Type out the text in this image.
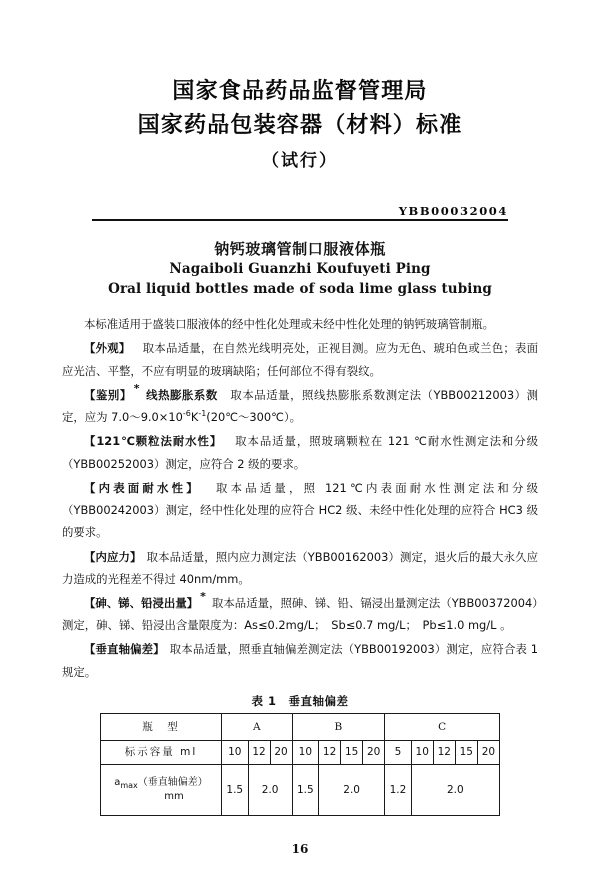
国家食品药品监督管理局
国家药品包装容器（材料）标准
（试行）
YBB00032004
钠钙玻璃管制口服液体瓶
Nagaiboli Guanzhi Koufuyeti Ping
Oral liquid bottles made of soda lime glass tubing

本标准适用于盛装口服液体的经中性化处理或未经中性化处理的钠钙玻璃管制瓶。

【外观】 取本品适量，在自然光线明亮处，正视目测。应为无色、琥珀色或兰色；表面应光洁、平整，不应有明显的玻璃缺陷；任何部位不得有裂纹。

【鉴别】 * 线热膨胀系数 取本品适量，照线热膨胀系数测定法（YBB00212003）测定，应为 $7.0\sim 9.0\times 10^{-6}K^{-1}(20℃\sim 300℃)$。

【121℃颗粒法耐水性】 取本品适量，照玻璃颗粒在 121 ℃耐水性测定法和分级（YBB00252003）测定，应符合 2 级的要求。

【内表面耐水性】 取本品适量，照 121℃内表面耐水性测定法和分级（YBB00242003）测定，经中性化处理的应符合 HC2 级、未经中性化处理的应符合 HC3 级的要求。

【内应力】 取本品适量，照内应力测定法（YBB00162003）测定，退火后的最大永久应力造成的光程差不得过 40nm/mm。

【砷、锑、铅浸出量】 * 取本品适量，照砷、锑、铅、镉浸出量测定法（YBB00372004）测定，砷、锑、铅浸出含量限度为：As≤0.2mg/L；　Sb≤0.7 mg/L；　Pb≤1.0 mg/L 。

【垂直轴偏差】 取本品适量，照垂直轴偏差测定法（YBB00192003）测定，应符合表 1 规定。

表 1　垂直轴偏差
瓶　型	A			B				C				
标示容量 ml	10	12	20	10	12	15	20	5	10	12	15	20

$a_{max}$（垂直轴偏差）
mm	1.5	2.0		1.5	2.0			1.2	2.0			
16
